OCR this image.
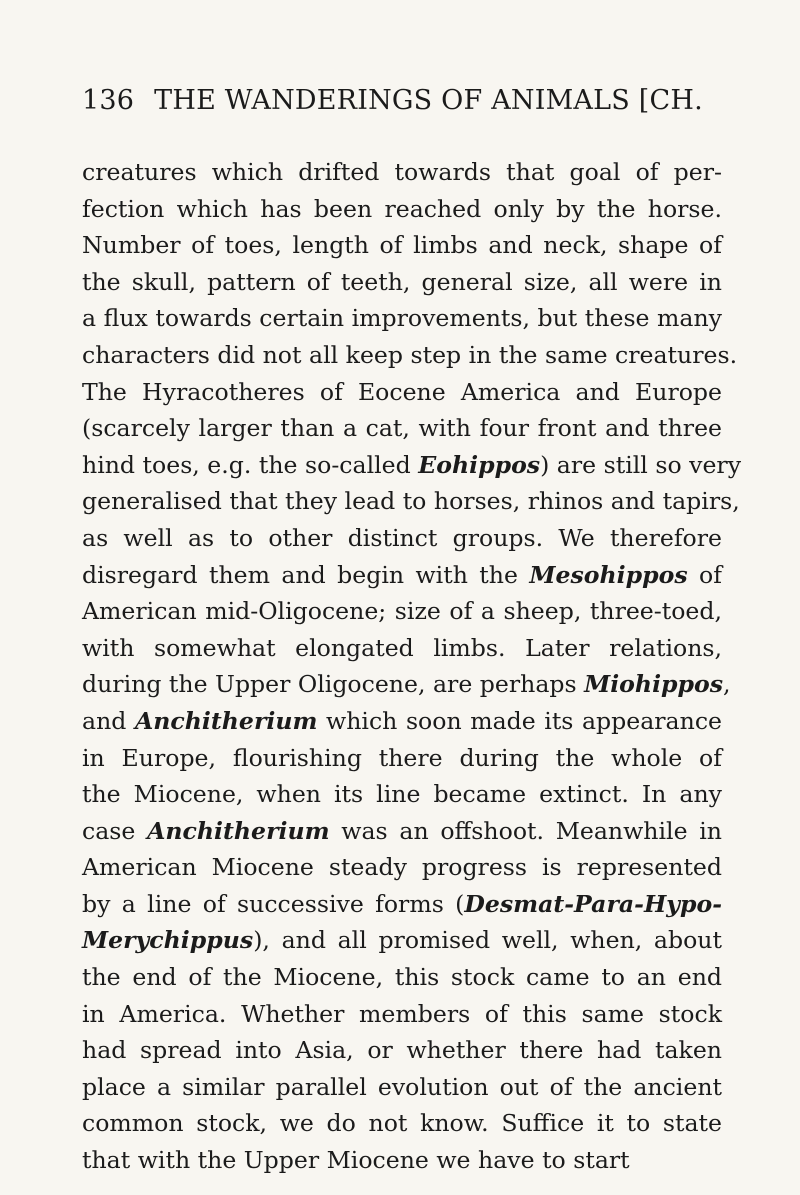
136 THE WANDERINGS OF ANIMALS [CH.
creatures which drifted towards that goal of per-
fection which has been reached only by the horse.
Number of toes, length of limbs and neck, shape of
the skull, pattern of teeth, general size, all were in
a flux towards certain improvements, but these many
characters did not all keep step in the same creatures.
The Hyracotheres of Eocene America and Europe
(scarcely larger than a cat, with four front and three
hind toes, e.g. the so-called Eohippos) are still so very
generalised that they lead to horses, rhinos and tapirs,
as well as to other distinct groups. We therefore
disregard them and begin with the Mesohippos of
American mid-Oligocene; size of a sheep, three-toed,
with somewhat elongated limbs. Later relations,
during the Upper Oligocene, are perhaps Miohippos,
and Anchitherium which soon made its appearance
in Europe, flourishing there during the whole of
the Miocene, when its line became extinct. In any
case Anchitherium was an offshoot. Meanwhile in
American Miocene steady progress is represented
by a line of successive forms (Desmat-Para-Hypo-
Merychippus), and all promised well, when, about
the end of the Miocene, this stock came to an end
in America. Whether members of this same stock
had spread into Asia, or whether there had taken
place a similar parallel evolution out of the ancient
common stock, we do not know. Suffice it to state
that with the Upper Miocene we have to start
